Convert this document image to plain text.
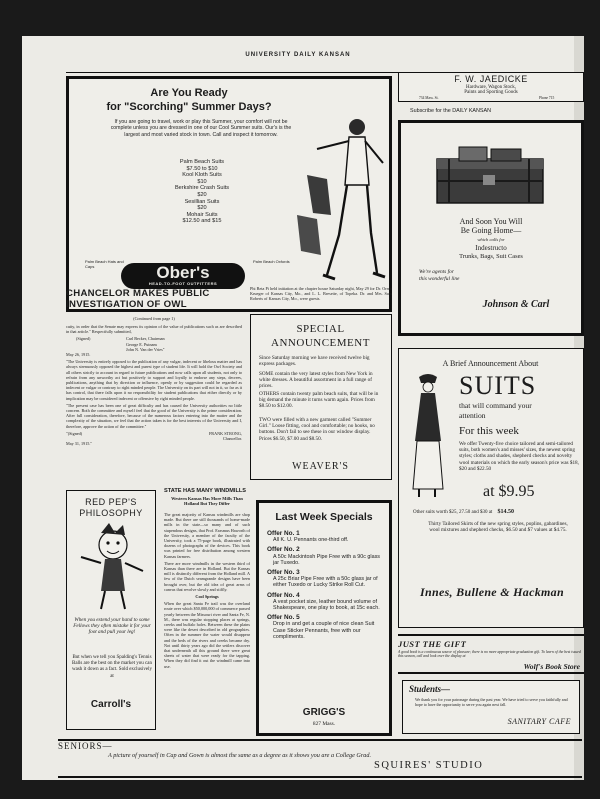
UNIVERSITY DAILY KANSAN
Are You Ready
for "Scorching" Summer Days?
If you are going to travel, work or play this Summer, your comfort will not be complete unless you are dressed in one of our Cool Summer suits. Our's is the largest and most varied stock in town. Call and inspect it tomorrow.
Palm Beach Suits
$7.50 to $10
Kool Kloth Suits
$10
Berkshire Crash Suits
$20
Sesillian Suits
$20
Mohair Suits
$12.50 and $15
Palm Beach Hats and Caps
Palm Beach Oxfords
Ober's
HEAD-TO-FOOT OUTFITTERS
F. W. JAEDICKE
Hardware, Wagon Stock,
Paints and Sporting Goods
734 Mass. St.	Phone 715
Subscribe for the DAILY KANSAN
And Soon You Will
Be Going Home—
which calls for
Indestructo
Trunks, Bags, Suit Cases
We're agents for
this wonderful line
Johnson & Carl
CHANCELOR MAKES PUBLIC
INVESTIGATION OF OWL
(Continued from page 1)

cuity, in order that the Senate may express its opinion of the value of publications such as are described in that article." Respectfully submitted,

(Signed)	Carl Becker, Chairman
George E. Putnam
John N. Van der Vries"

May 26, 1915.

"The University is entirely opposed to the publication of any vulgar, indecent or libelous matter and has always strenuously opposed the highest and purest type of student life. It will hold the Owl Society and all others strictly to account in regard to future publications and now calls upon all students, not only to refrain from any unworthy act but positively to support and loyally to endorse any steps, decrees, publications, anything that by direction or influence, openly or by suggestion could be regarded as indecent or vulgar or contrary to right minded people. The University on its part will not in it, so far as it has control, that there falls upon it no responsibility for student publications that either directly or by implication may be considered indecent or offensive by right minded people.

"The present case has been one of great difficulty and has caused the University authorities no little concern. Both the committee and myself feel that the good of the University is the prime consideration. After full consideration, therefore, because of the numerous factors entering into the matter and the complexity of the situation, we feel that the action taken is for the best interests of the University and I, therefore, approve the action of the committee."

"(Signed)	FRANK STRONG,
Chancellor.

May 31, 1915."

Phi Beta Pi held initiation at the chapter house Saturday night, May 29 for Dr. Orren Krueger of Kansas City, Mo., and L. L. Bresette, of Topeka. Dr. and Mrs. Sam Roberts of Kansas City, Mo., were guests.
SPECIAL
ANNOUNCEMENT
Since Saturday morning we have received twelve big express packages.
SOME contain the very latest styles from New York in white dresses. A beautiful assortment in a full range of prices.
OTHERS contain twenty palm beach suits, that will be in big demand the minute it turns warm again. Prices from $8.50 to $12.00.
TWO were filled with a new garment called "Summer Girl." Loose fitting, cool and comfortable; no hooks, no buttons. Don't fail to see these in our window display. Prices $6.50, $7.00 and $8.50.
WEAVER'S
A Brief Announcement About
SUITS
that will command your
attention
For this week
We offer Twenty-five choice tailored and semi-tailored suits, both women's and misses' sizes, the newest spring styles; cloths and shades, shepherd checks and novelty wool materials on which the early season's price was $18, $20 and $22.50
at $9.95
Other suits worth $25, 27.50 and $30 at $14.50
Thirty Tailored Skirts of the new spring styles, poplins, gabardines, wool mixtures and shepherd checks, $6.50 and $7 values at $4.75.
Innes, Bullene & Hackman
RED PEP'S
PHILOSOPHY
When you extend your hand to some Fellows they often mistake it for your foot and pull your leg!
But when we tell you Spalding's Tennis Balls are the best on the market you can wash it down as a fact. Sold exclusively at
Carroll's
STATE HAS MANY WINDMILLS
Western Kansas Has More Mills Than Holland But They Differ

The great majority of Kansas windmills are shop made. But there are still thousands of home-made mills in the state—so many and of such stupendous designs, that Prof. Erasmus Haworth of the University, a member of the faculty of the University, took a 75-page book, illustrated with dozens of photographs of the devices. This book was printed for free distribution among western Kansas farmers.

There are more windmills in the western third of Kansas than there are in Holland. But the Kansas mill is distinctly different from the Holland mill. A few of the Dutch seamgrande designs have been brought over, but the old idea of great arms of canvas that revolve slowly and stiffly.

Cool Springs

When the great Santa Fe trail was the overland route over which $50,000,000 of commerce passed yearly between the Missouri river and Santa Fe, N. M., there was regular stopping places at springs, creeks and buffalo holes. Between these the plains were like the desert described in old geographies. Often in the summer the water would disappear and the beds of the rivers and creeks became dry. Not until thirty years ago did the settlers discover that underneath all this ground there were great sheets of water that were ready for the tapping. When they did find it out the windmill came into use.

Last Week Specials
Offer No. 1
All K. U. Pennants one-third off.
Offer No. 2
A 50c Mackintosh Pipe Free with a 90c glass jar Tuxedo.
Offer No. 3
A 25c Briar Pipe Free with a 50c glass jar of either Tuxedo or Lucky Strike Roll Cut.
Offer No. 4
A vest pocket size, leather bound volume of Shakespeare, one play to book, at 15c each.
Offer No. 5
Drop in and get a couple of nice clean Suit Case Sticker Pennants, free with our compliments.
GRIGG'S
827 Mass.
JUST THE GIFT
A good book is a continuous source of pleasure; there is no more appropriate graduation gift. To learn of the best issued this season, call and look over the display at
Wolf's Book Store
Students—
We thank you for your patronage during the past year. We have tried to serve you faithfully and hope to have the opportunity to serve you again next fall.
SANITARY CAFE
SENIORS—
A picture of yourself in Cap and Gown is almost the same as a degree as it shows you are a College Grad.
SQUIRES' STUDIO
